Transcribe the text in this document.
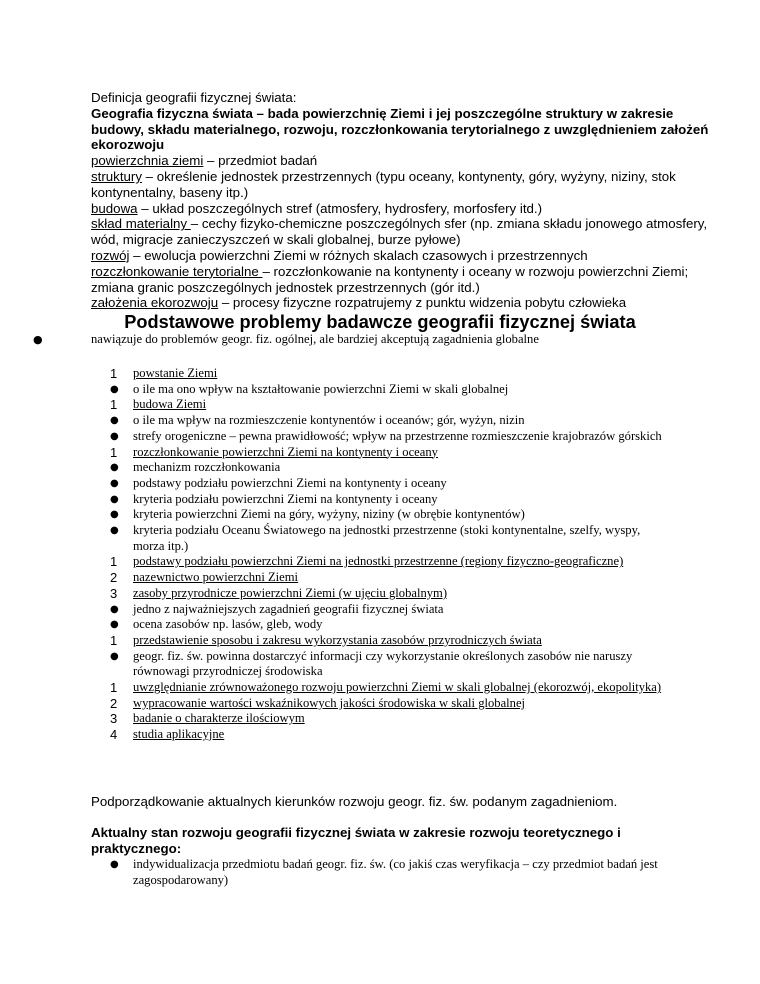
Definicja geografii fizycznej świata:

Geografia fizyczna świata – bada powierzchnię Ziemi i jej poszczególne struktury w zakresie budowy, składu materialnego, rozwoju, rozczłonkowania terytorialnego z uwzględnieniem założeń ekorozwoju

powierzchnia ziemi – przedmiot badań

struktury – określenie jednostek przestrzennych (typu oceany, kontynenty, góry, wyżyny, niziny, stok kontynentalny, baseny itp.)

budowa – układ poszczególnych stref (atmosfery, hydrosfery, morfosfery itd.)

skład materialny – cechy fizyko-chemiczne poszczególnych sfer (np. zmiana składu jonowego atmosfery, wód, migracje zanieczyszczeń w skali globalnej, burze pyłowe)

rozwój – ewolucja powierzchni Ziemi w różnych skalach czasowych i przestrzennych

rozczłonkowanie terytorialne – rozczłonkowanie na kontynenty i oceany w rozwoju powierzchni Ziemi; zmiana granic poszczególnych jednostek przestrzennych (gór itd.)

założenia ekorozwoju – procesy fizyczne rozpatrujemy z punktu widzenia pobytu człowieka

Podstawowe problemy badawcze geografii fizycznej świata
●	nawiązuje do problemów geogr. fiz. ogólnej, ale bardziej akceptują zagadnienia globalne
1	powstanie Ziemi
●	o ile ma ono wpływ na kształtowanie powierzchni Ziemi w skali globalnej
1	budowa Ziemi
●	o ile ma wpływ na rozmieszczenie kontynentów i oceanów; gór, wyżyn, nizin
●	strefy orogeniczne – pewna prawidłowość; wpływ na przestrzenne rozmieszczenie krajobrazów górskich
1	rozczłonkowanie powierzchni Ziemi na kontynenty i oceany
●	mechanizm rozczłonkowania
●	podstawy podziału powierzchni Ziemi na kontynenty i oceany
●	kryteria podziału powierzchni Ziemi na kontynenty i oceany
●	kryteria powierzchni Ziemi na góry, wyżyny, niziny (w obrębie kontynentów)
●	kryteria podziału Oceanu Światowego na jednostki przestrzenne (stoki kontynentalne, szelfy, wyspy, morza itp.)
1	podstawy podziału powierzchni Ziemi na jednostki przestrzenne (regiony fizyczno-geograficzne)
2	nazewnictwo powierzchni Ziemi
3	zasoby przyrodnicze powierzchni Ziemi (w ujęciu globalnym)
●	jedno z najważniejszych zagadnień geografii fizycznej świata
●	ocena zasobów np. lasów, gleb, wody
1	przedstawienie sposobu i zakresu wykorzystania zasobów przyrodniczych świata
●	geogr. fiz. św. powinna dostarczyć informacji czy wykorzystanie określonych zasobów nie naruszy równowagi przyrodniczej środowiska
1	uwzględnianie zrównoważonego rozwoju powierzchni Ziemi w skali globalnej (ekorozwój, ekopolityka)
2	wypracowanie wartości wskaźnikowych jakości środowiska w skali globalnej
3	badanie o charakterze ilościowym
4	studia aplikacyjne

Podporządkowanie aktualnych kierunków rozwoju geogr. fiz. św. podanym zagadnieniom.

Aktualny stan rozwoju geografii fizycznej świata w zakresie rozwoju teoretycznego i praktycznego:

● indywidualizacja przedmiotu badań geogr. fiz. św. (co jakiś czas weryfikacja – czy przedmiot badań jest zagospodarowany)
